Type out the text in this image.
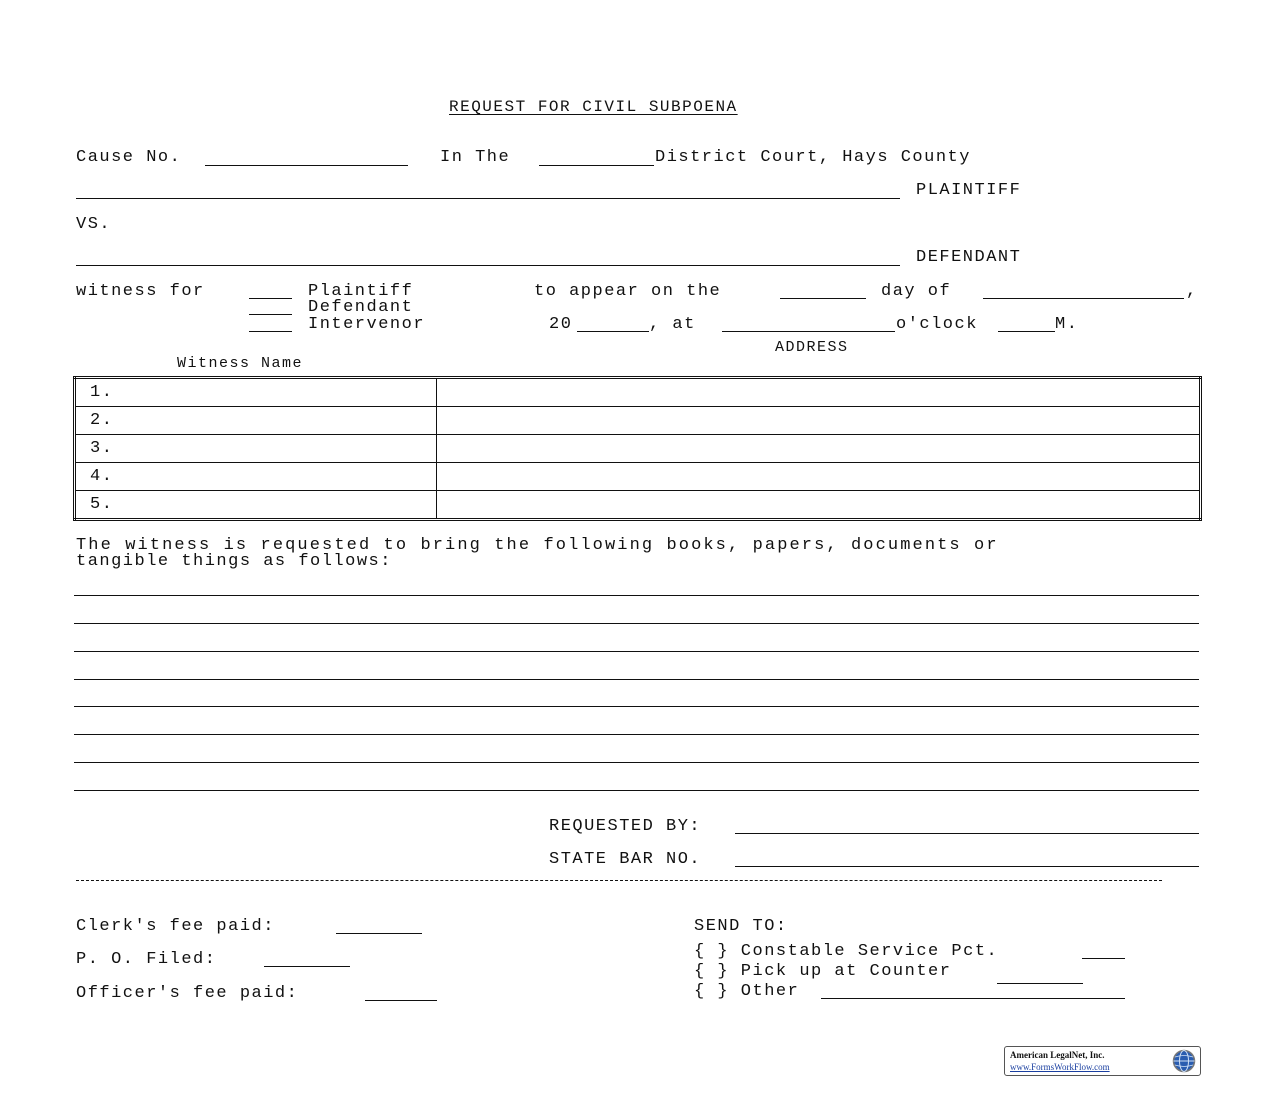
REQUEST FOR CIVIL SUBPOENA
Cause No.	In The	District Court, Hays County
PLAINTIFF
VS.
DEFENDANT
witness for	Plaintiff
Defendant
Intervenor
to appear on the	day of	,
20	, at	o'clock	M.
ADDRESS
Witness Name
1.	
2.	
3.	
4.	
5.	
The witness is requested to bring the following books, papers, documents or
tangible things as follows:
REQUESTED BY:
STATE BAR NO.
Clerk's fee paid:
P. O. Filed:
Officer's fee paid:
SEND TO:
{ } Constable Service Pct.
{ } Pick up at Counter
{ } Other
American LegalNet, Inc.
www.FormsWorkFlow.com
